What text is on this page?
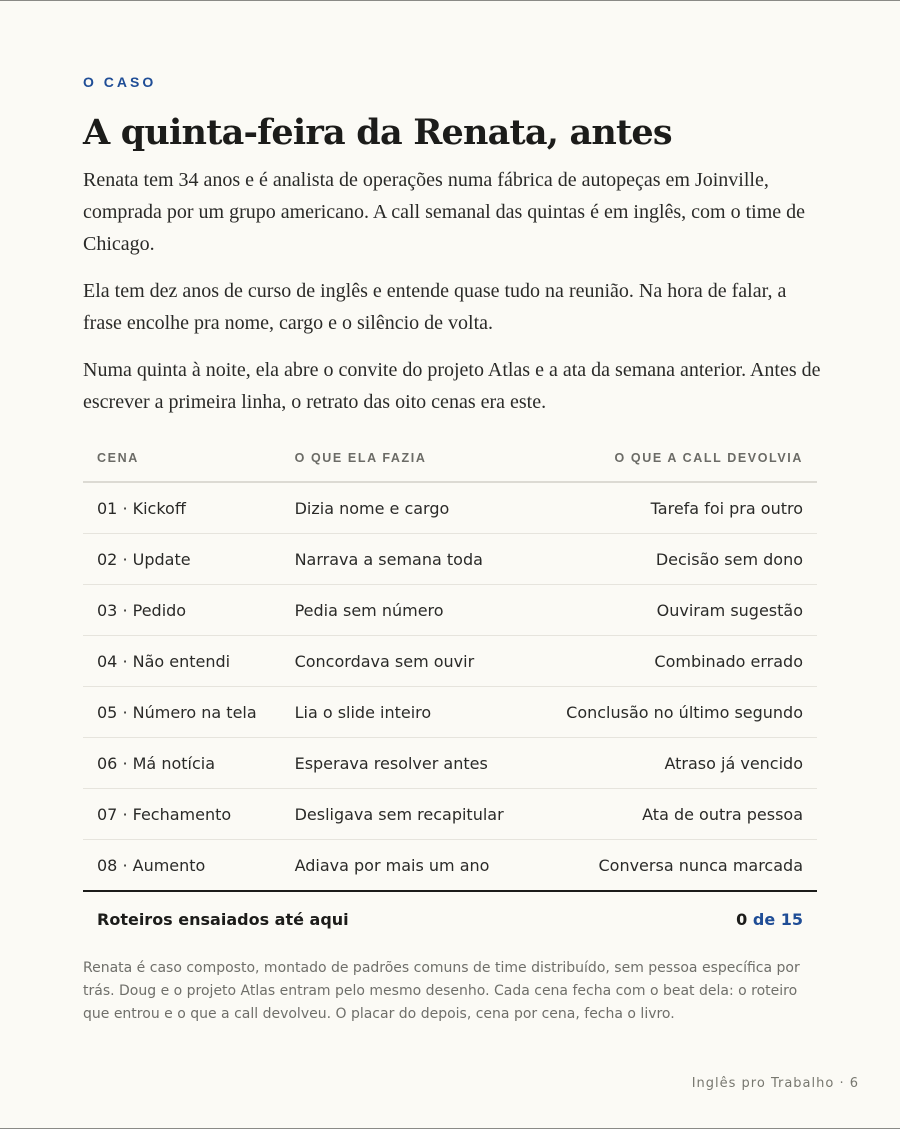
O CASO
A quinta-feira da Renata, antes

Renata tem 34 anos e é analista de operações numa fábrica de autopeças em Joinville, comprada por um grupo americano. A call semanal das quintas é em inglês, com o time de Chicago.

Ela tem dez anos de curso de inglês e entende quase tudo na reunião. Na hora de falar, a frase encolhe pra nome, cargo e o silêncio de volta.

Numa quinta à noite, ela abre o convite do projeto Atlas e a ata da semana anterior. Antes de escrever a primeira linha, o retrato das oito cenas era este.

CENA	O QUE ELA FAZIA	O QUE A CALL DEVOLVIA
01 · Kickoff	Dizia nome e cargo	Tarefa foi pra outro
02 · Update	Narrava a semana toda	Decisão sem dono
03 · Pedido	Pedia sem número	Ouviram sugestão
04 · Não entendi	Concordava sem ouvir	Combinado errado
05 · Número na tela	Lia o slide inteiro	Conclusão no último segundo
06 · Má notícia	Esperava resolver antes	Atraso já vencido
07 · Fechamento	Desligava sem recapitular	Ata de outra pessoa
08 · Aumento	Adiava por mais um ano	Conversa nunca marcada
Roteiros ensaiados até aqui		0 de 15

Renata é caso composto, montado de padrões comuns de time distribuído, sem pessoa específica por trás. Doug e o projeto Atlas entram pelo mesmo desenho. Cada cena fecha com o beat dela: o roteiro que entrou e o que a call devolveu. O placar do depois, cena por cena, fecha o livro.

Inglês pro Trabalho · 6
